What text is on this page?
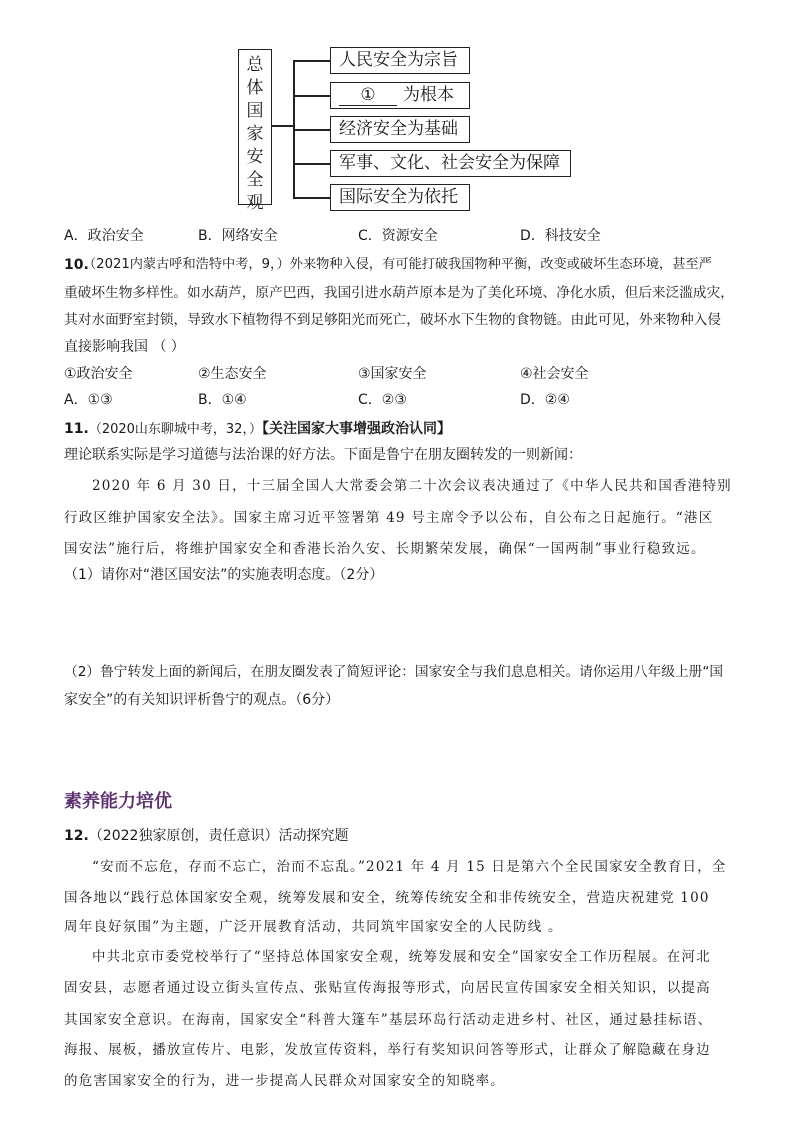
总
体
国
家
安
全
观
人民安全为宗旨
① 为根本
经济安全为基础
军事、文化、社会安全为保障
国际安全为依托
A．政治安全	B．网络安全	C．资源安全	D．科技安全
10.
（2021内蒙古呼和浩特中考，9，）外来物种入侵，有可能打破我国物种平衡，改变或破坏生态环境，甚至严
重破坏生物多样性。如水葫芦，原产巴西，我国引进水葫芦原本是为了美化环境、净化水质，但后来泛滥成灾，
其对水面野室封锁，导致水下植物得不到足够阳光而死亡，破坏水下生物的食物链。由此可见，外来物种入侵
直接影响我国 （ ）
①政治安全	②生态安全	③国家安全	④社会安全
A．①③	B．①④	C．②③	D．②④
11.（2020山东聊城中考，32，）【关注国家大事增强政治认同】
理论联系实际是学习道德与法治课的好方法。下面是鲁宁在朋友圈转发的一则新闻：
2020 年 6 月 30 日，十三届全国人大常委会第二十次会议表决通过了《中华人民共和国香港特别
行政区维护国家安全法》。国家主席习近平签署第 49 号主席令予以公布，自公布之日起施行。“港区
国安法”施行后，将维护国家安全和香港长治久安、长期繁荣发展，确保“一国两制”事业行稳致远。
（1）请你对“港区国安法”的实施表明态度。（2分）
（2）鲁宁转发上面的新闻后，在朋友圈发表了简短评论：国家安全与我们息息相关。请你运用八年级上册“国
家安全”的有关知识评析鲁宁的观点。（6分）
素养能力培优
12.（2022独家原创，责任意识）活动探究题
“安而不忘危，存而不忘亡，治而不忘乱。”2021 年 4 月 15 日是第六个全民国家安全教育日，全
国各地以“践行总体国家安全观，统筹发展和安全，统筹传统安全和非传统安全，营造庆祝建党 100
周年良好氛围”为主题，广泛开展教育活动，共同筑牢国家安全的人民防线 。
中共北京市委党校举行了“坚持总体国家安全观，统筹发展和安全”国家安全工作历程展。在河北
固安县，志愿者通过设立街头宣传点、张贴宣传海报等形式，向居民宣传国家安全相关知识，以提高
其国家安全意识。在海南，国家安全“科普大篷车”基层环岛行活动走进乡村、社区，通过悬挂标语、
海报、展板，播放宣传片、电影，发放宣传资料，举行有奖知识问答等形式，让群众了解隐藏在身边
的危害国家安全的行为，进一步提高人民群众对国家安全的知晓率。
